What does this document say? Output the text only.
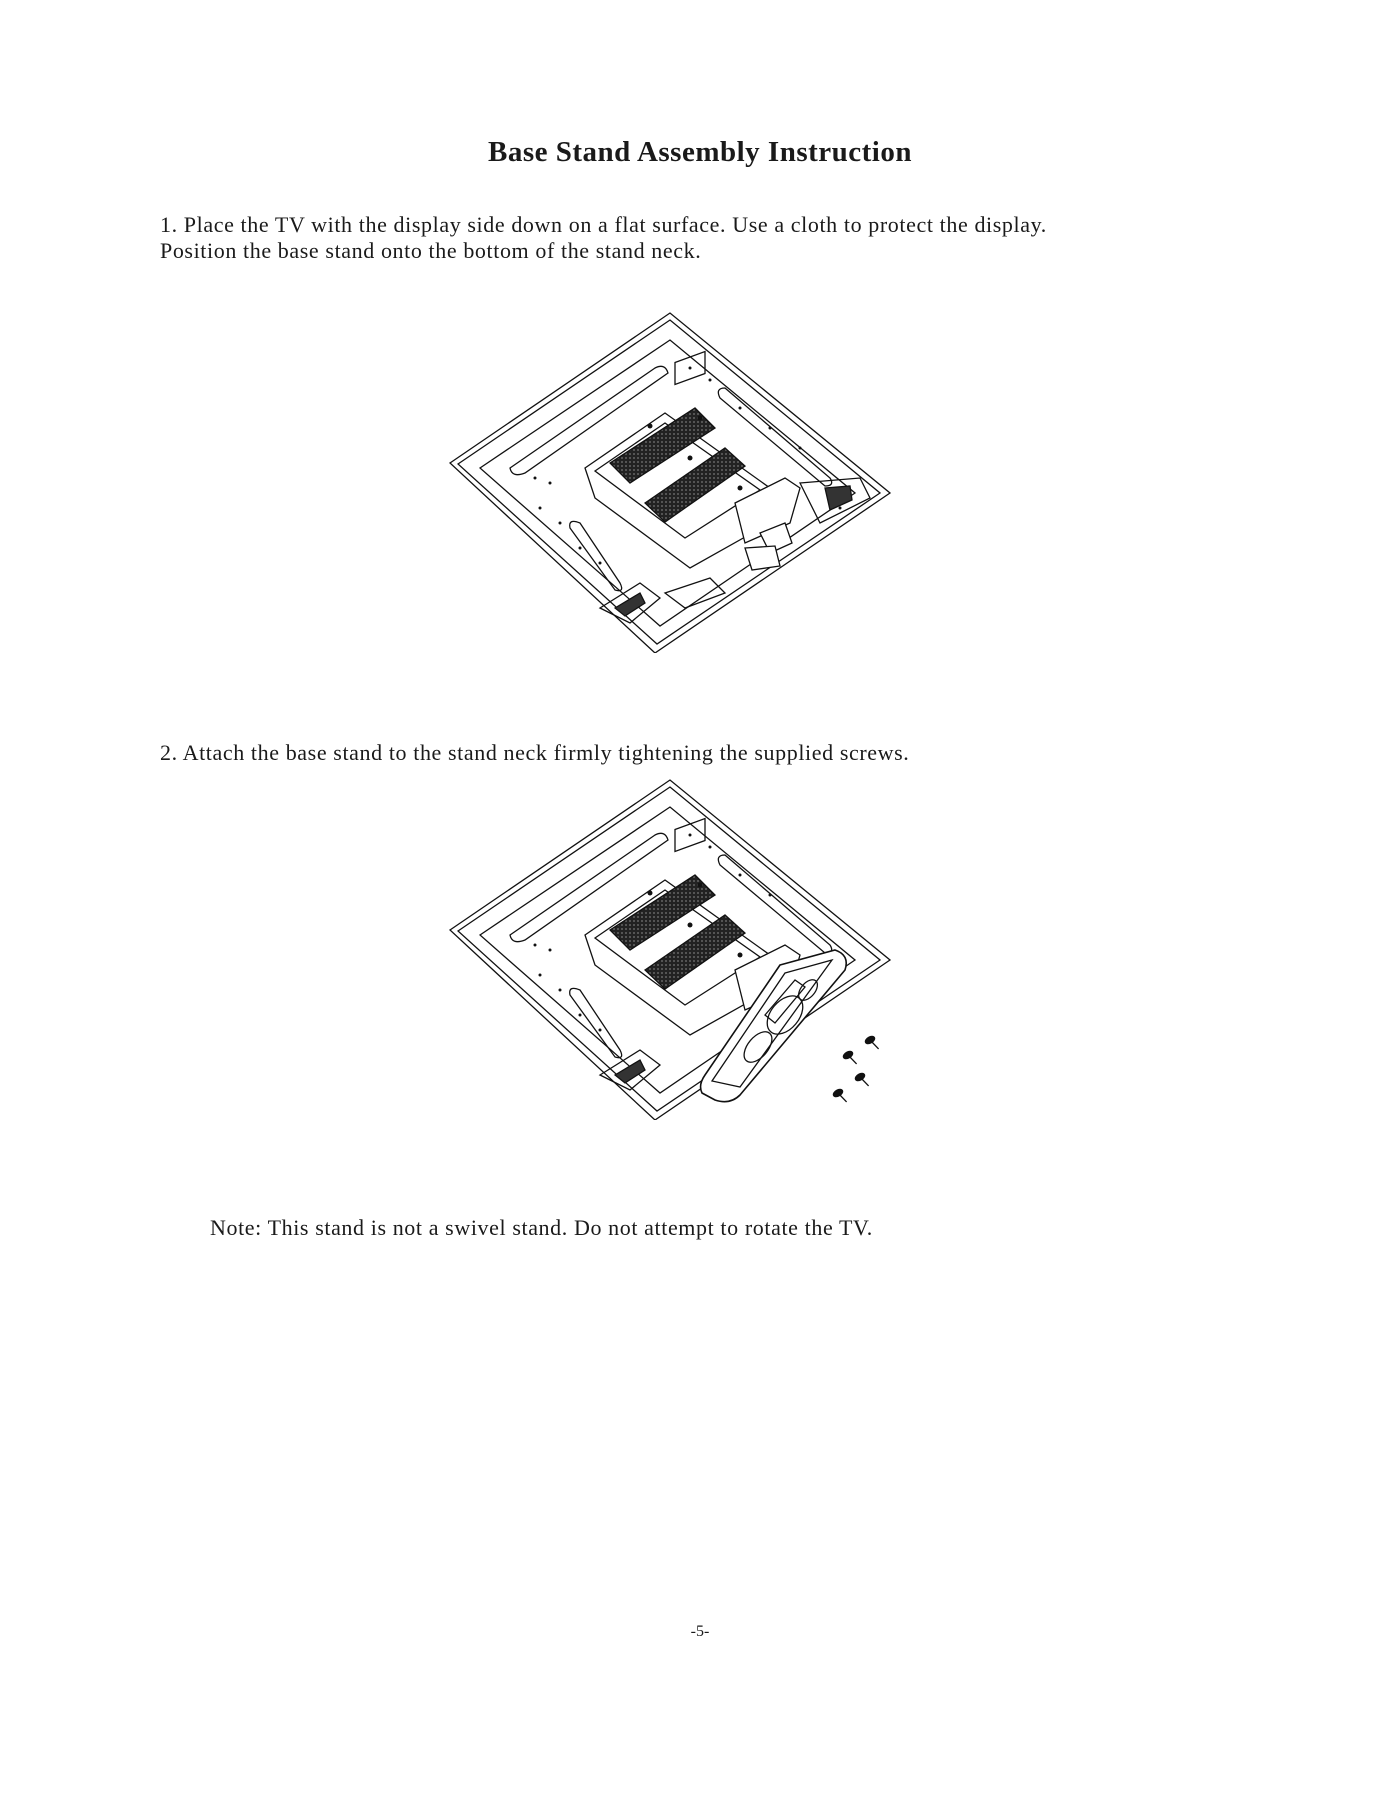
Base Stand Assembly Instruction
1. Place the TV with the display side down on a flat surface. Use a cloth to protect the display.
Position the base stand onto the bottom of the stand neck.
2. Attach the base stand to the stand neck firmly tightening the supplied screws.
Note: This stand is not a swivel stand. Do not attempt to rotate the TV.
-5-
